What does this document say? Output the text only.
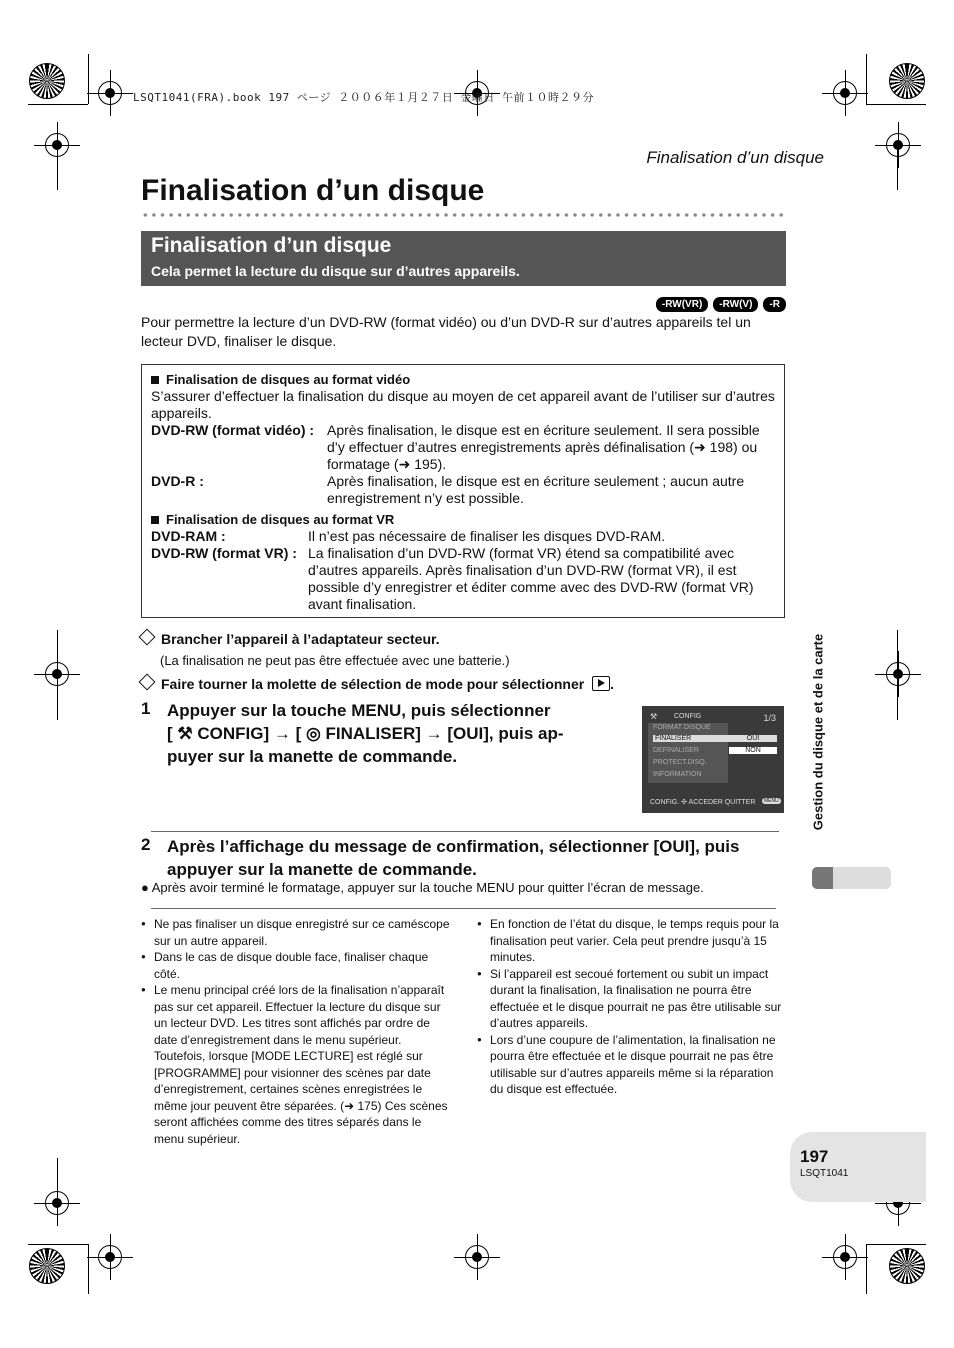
LSQT1041(FRA).book 197 ページ ２００６年１月２７日 金曜日 午前１０時２９分
Finalisation d’un disque
Finalisation d’un disque
Finalisation d’un disque
Cela permet la lecture du disque sur d’autres appareils.
-RW(VR)	-RW(V)	-R
Pour permettre la lecture d’un DVD-RW (format vidéo) ou d’un DVD-R sur d’autres appareils tel un lecteur DVD, finaliser le disque.

Finalisation de disques au format vidéo

S’assurer d’effectuer la finalisation du disque au moyen de cet appareil avant de l’utiliser sur d’autres appareils.
DVD-RW (format vidéo) : Après finalisation, le disque est en écriture seulement. Il sera possible d’y effectuer d’autres enregistrements après définalisation (➜ 198) ou formatage (➜ 195).
DVD-R :	Après finalisation, le disque est en écriture seulement ; aucun autre enregistrement n’y est possible.

Finalisation de disques au format VR

DVD-RAM :	Il n’est pas nécessaire de finaliser les disques DVD-RAM.
DVD-RW (format VR) : La finalisation d’un DVD-RW (format VR) étend sa compatibilité avec d’autres appareils. Après finalisation d’un DVD-RW (format VR), il est possible d’y enregistrer et éditer comme avec des DVD-RW (format VR) avant finalisation.
Brancher l’appareil à l’adaptateur secteur.
(La finalisation ne peut pas être effectuée avec une batterie.)
Faire tourner la molette de sélection de mode pour sélectionner .
1 Appuyer sur la touche MENU, puis sélectionner
[ ⚒ CONFIG] → [ ◎ FINALISER] → [OUI], puis ap-
puyer sur la manette de commande.
⚒ CONFIG	1/3
FORMAT DISQUE
FINALISER
DEFINALISER
PROTECT.DISQ.
INFORMATION
OUI
NON
CONFIG. ✣ ACCEDER QUITTER	MENU
2 Après l’affichage du message de confirmation, sélectionner [OUI], puis
appuyer sur la manette de commande.
● Après avoir terminé le formatage, appuyer sur la touche MENU pour quitter l’écran de message.
● Ne pas finaliser un disque enregistré sur ce caméscope sur un autre appareil.
● Dans le cas de disque double face, finaliser chaque côté.
● Le menu principal créé lors de la finalisation n’apparaît pas sur cet appareil. Effectuer la lecture du disque sur un lecteur DVD. Les titres sont affichés par ordre de date d’enregistrement dans le menu supérieur. Toutefois, lorsque [MODE LECTURE] est réglé sur [PROGRAMME] pour visionner des scènes par date d’enregistrement, certaines scènes enregistrées le même jour peuvent être séparées. (➜ 175) Ces scènes seront affichées comme des titres séparés dans le menu supérieur.
● En fonction de l’état du disque, le temps requis pour la finalisation peut varier. Cela peut prendre jusqu’à 15 minutes.
● Si l’appareil est secoué fortement ou subit un impact durant la finalisation, la finalisation ne pourra être effectuée et le disque pourrait ne pas être utilisable sur d’autres appareils.
● Lors d’une coupure de l’alimentation, la finalisation ne pourra être effectuée et le disque pourrait ne pas être utilisable sur d’autres appareils même si la réparation du disque est effectuée.
Gestion du disque et de la carte
197
LSQT1041
